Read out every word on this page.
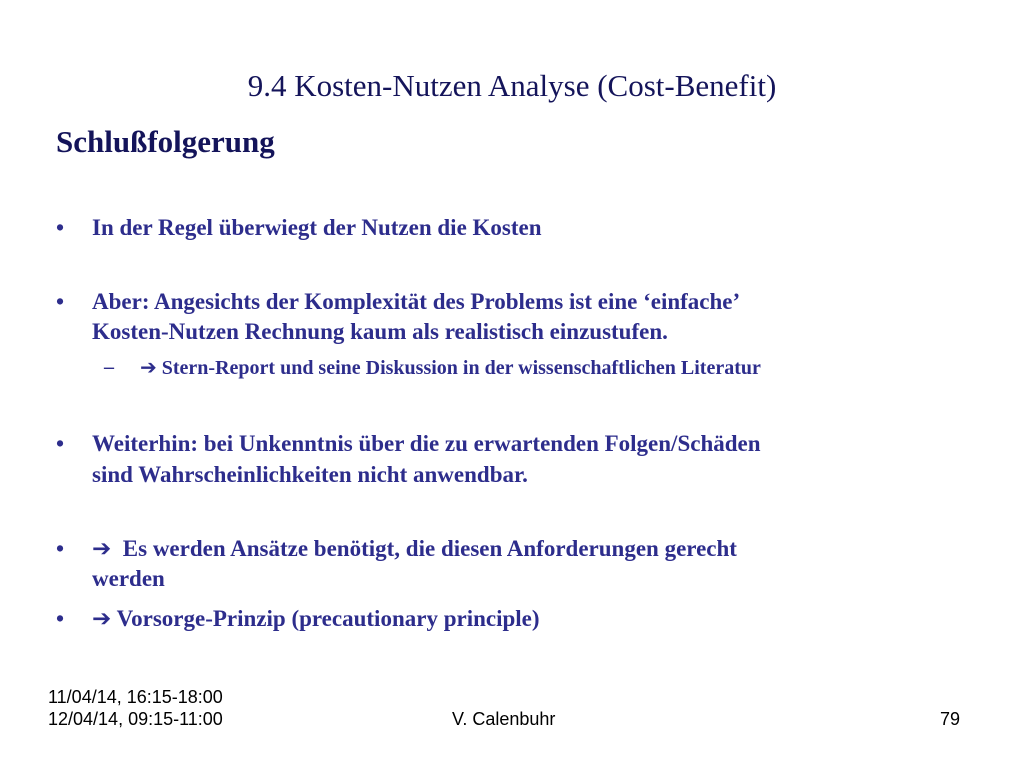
9.4 Kosten-Nutzen Analyse (Cost-Benefit)
Schlußfolgerung
• In der Regel überwiegt der Nutzen die Kosten
• Aber: Angesichts der Komplexität des Problems ist eine ‘einfache’
Kosten-Nutzen Rechnung kaum als realistisch einzustufen.
– ➔ Stern-Report und seine Diskussion in der wissenschaftlichen Literatur
• Weiterhin: bei Unkenntnis über die zu erwartenden Folgen/Schäden
sind Wahrscheinlichkeiten nicht anwendbar.
• ➔ Es werden Ansätze benötigt, die diesen Anforderungen gerecht
werden
• ➔ Vorsorge-Prinzip (precautionary principle)
11/04/14, 16:15-18:00
12/04/14, 09:15-11:00	V. Calenbuhr	79
